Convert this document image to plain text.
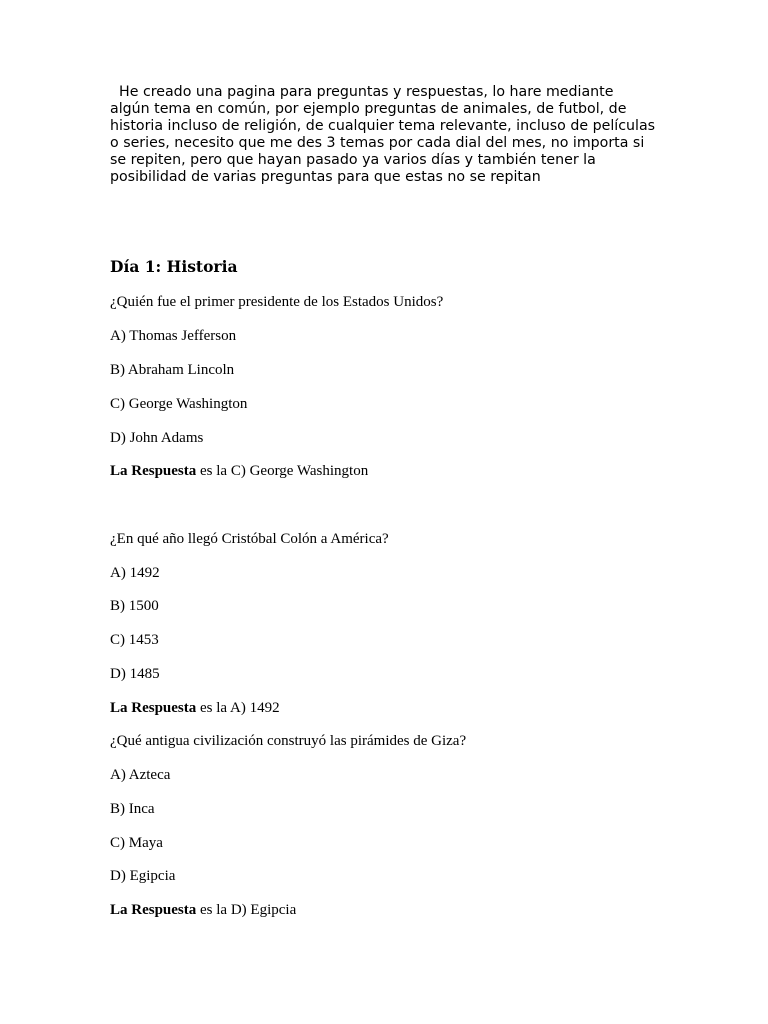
He creado una pagina para preguntas y respuestas, lo hare mediante
algún tema en común, por ejemplo preguntas de animales, de futbol, de
historia incluso de religión, de cualquier tema relevante, incluso de películas
o series, necesito que me des 3 temas por cada dial del mes, no importa si
se repiten, pero que hayan pasado ya varios días y también tener la
posibilidad de varias preguntas para que estas no se repitan

Día 1: Historia

¿Quién fue el primer presidente de los Estados Unidos?

A) Thomas Jefferson

B) Abraham Lincoln

C) George Washington

D) John Adams

La Respuesta es la C) George Washington

¿En qué año llegó Cristóbal Colón a América?

A) 1492

B) 1500

C) 1453

D) 1485

La Respuesta es la A) 1492

¿Qué antigua civilización construyó las pirámides de Giza?

A) Azteca

B) Inca

C) Maya

D) Egipcia

La Respuesta es la D) Egipcia
